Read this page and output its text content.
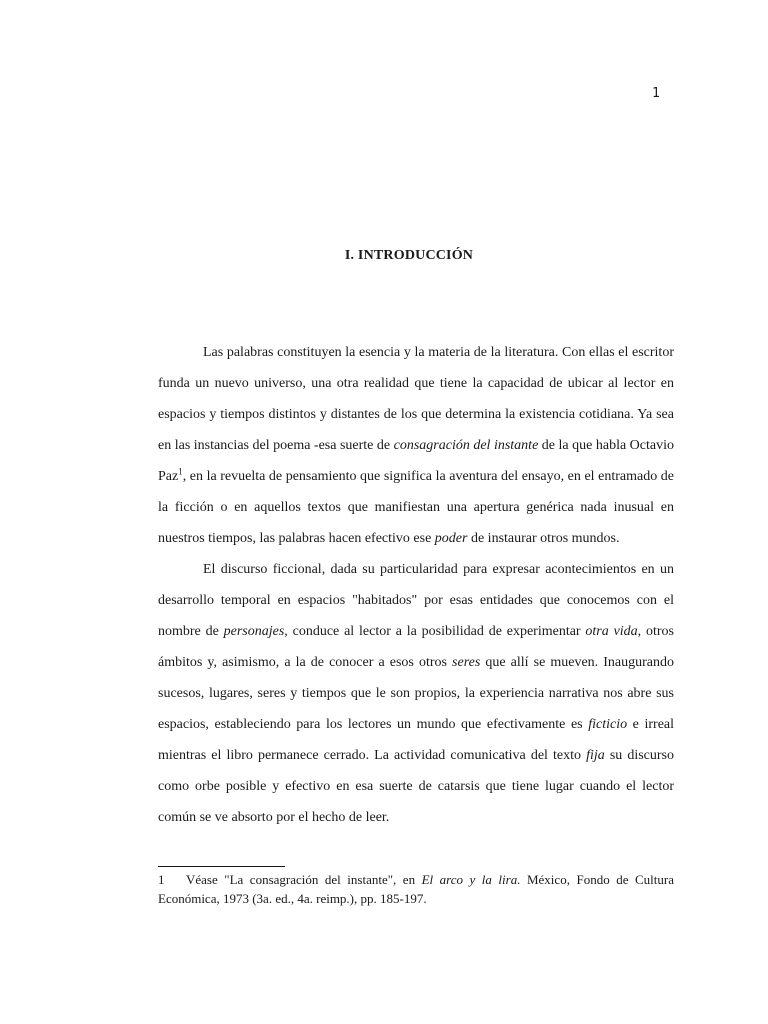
1
I. INTRODUCCIÓN

Las palabras constituyen la esencia y la materia de la literatura. Con ellas el escritor funda un nuevo universo, una otra realidad que tiene la capacidad de ubicar al lector en espacios y tiempos distintos y distantes de los que determina la existencia cotidiana. Ya sea en las instancias del poema -esa suerte de consagración del instante de la que habla Octavio Paz$^1$, en la revuelta de pensamiento que significa la aventura del ensayo, en el entramado de la ficción o en aquellos textos que manifiestan una apertura genérica nada inusual en nuestros tiempos, las palabras hacen efectivo ese poder de instaurar otros mundos.

El discurso ficcional, dada su particularidad para expresar acontecimientos en un desarrollo temporal en espacios "habitados" por esas entidades que conocemos con el nombre de personajes, conduce al lector a la posibilidad de experimentar otra vida, otros ámbitos y, asimismo, a la de conocer a esos otros seres que allí se mueven. Inaugurando sucesos, lugares, seres y tiempos que le son propios, la experiencia narrativa nos abre sus espacios, estableciendo para los lectores un mundo que efectivamente es ficticio e irreal mientras el libro permanece cerrado. La actividad comunicativa del texto fija su discurso como orbe posible y efectivo en esa suerte de catarsis que tiene lugar cuando el lector común se ve absorto por el hecho de leer.

1 Véase "La consagración del instante", en El arco y la lira. México, Fondo de Cultura Económica, 1973 (3a. ed., 4a. reimp.), pp. 185-197.
